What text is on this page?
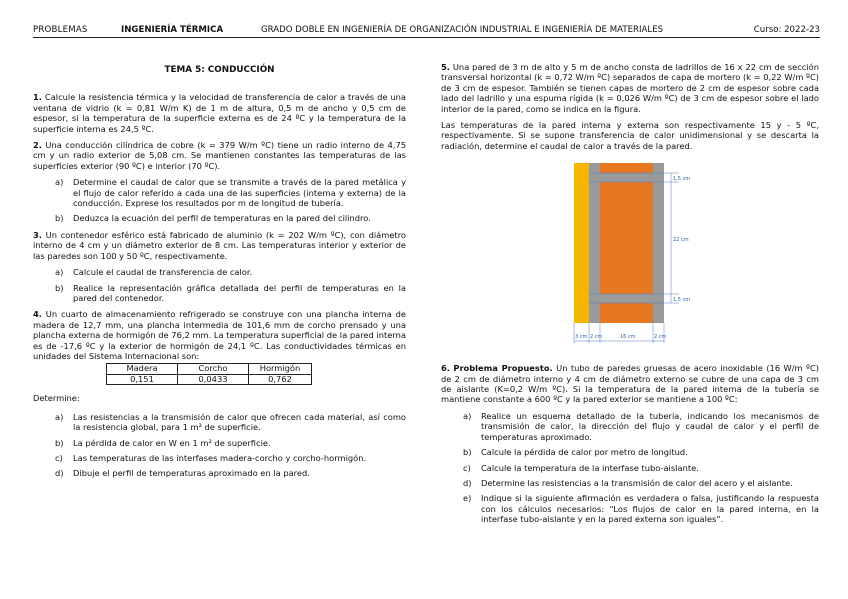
PROBLEMAS	INGENIERÍA TÉRMICA	GRADO DOBLE EN INGENIERÍA DE ORGANIZACIÓN INDUSTRIAL E INGENIERÍA DE MATERIALES	Curso: 2022-23

TEMA 5: CONDUCCIÓN

1. Calcule la resistencia térmica y la velocidad de transferencia de calor a través de una ventana de vidrio (k = 0,81 W/m K) de 1 m de altura, 0,5 m de ancho y 0,5 cm de espesor, si la temperatura de la superficie externa es de 24 ºC y la temperatura de la superficie interna es 24,5 ºC.

2. Una conducción cilíndrica de cobre (k = 379 W/m ºC) tiene un radio interno de 4,75 cm y un radio exterior de 5,08 cm. Se mantienen constantes las temperaturas de las superficies exterior (90 ºC) e interior (70 ºC).

a) Determine el caudal de calor que se transmite a través de la pared metálica y el flujo de calor referido a cada una de las superficies (interna y externa) de la conducción. Exprese los resultados por m de longitud de tubería.
b) Deduzca la ecuación del perfil de temperaturas en la pared del cilindro.

3. Un contenedor esférico está fabricado de aluminio (k = 202 W/m ºC), con diámetro interno de 4 cm y un diámetro exterior de 8 cm. Las temperaturas interior y exterior de las paredes son 100 y 50 ºC, respectivamente.

a) Calcule el caudal de transferencia de calor.
b) Realice la representación gráfica detallada del perfil de temperaturas en la pared del contenedor.

4. Un cuarto de almacenamiento refrigerado se construye con una plancha interna de madera de 12,7 mm, una plancha intermedia de 101,6 mm de corcho prensado y una plancha externa de hormigón de 76,2 mm. La temperatura superficial de la pared interna es de -17,6 ºC y la exterior de hormigón de 24,1 ºC. Las conductividades térmicas en unidades del Sistema Internacional son:

Madera	Corcho	Hormigón
0,151	0,0433	0,762

Determine:

a) Las resistencias a la transmisión de calor que ofrecen cada material, así como la resistencia global, para 1 m² de superficie.
b) La pérdida de calor en W en 1 m² de superficie.
c) Las temperaturas de las interfases madera-corcho y corcho-hormigón.
d) Dibuje el perfil de temperaturas aproximado en la pared.

5. Una pared de 3 m de alto y 5 m de ancho consta de ladrillos de 16 x 22 cm de sección transversal horizontal (k = 0,72 W/m ºC) separados de capa de mortero (k = 0,22 W/m ºC) de 3 cm de espesor. También se tienen capas de mortero de 2 cm de espesor sobre cada lado del ladrillo y una espuma rígida (k = 0,026 W/m ºC) de 3 cm de espesor sobre el lado interior de la pared, como se indica en la figura.

Las temperaturas de la pared interna y externa son respectivamente 15 y - 5 ºC, respectivamente. Si se supone transferencia de calor unidimensional y se descarta la radiación, determine el caudal de calor a través de la pared.

1,5 cm
22 cm
1,5 cm
3 cm 2 cm	16 cm	2 cm

6. Problema Propuesto. Un tubo de paredes gruesas de acero inoxidable (16 W/m ºC) de 2 cm de diámetro interno y 4 cm de diámetro externo se cubre de una capa de 3 cm de aislante (K=0,2 W/m ºC). Si la temperatura de la pared interna de la tubería se mantiene constante a 600 ºC y la pared exterior se mantiene a 100 ºC:

a) Realice un esquema detallado de la tubería, indicando los mecanismos de transmisión de calor, la dirección del flujo y caudal de calor y el perfil de temperaturas aproximado.
b) Calcule la pérdida de calor por metro de longitud.
c) Calcule la temperatura de la interfase tubo-aislante.
d) Determine las resistencias a la transmisión de calor del acero y el aislante.
e) Indique si la siguiente afirmación es verdadera o falsa, justificando la respuesta con los cálculos necesarios: “Los flujos de calor en la pared interna, en la interfase tubo-aislante y en la pared externa son iguales”.
